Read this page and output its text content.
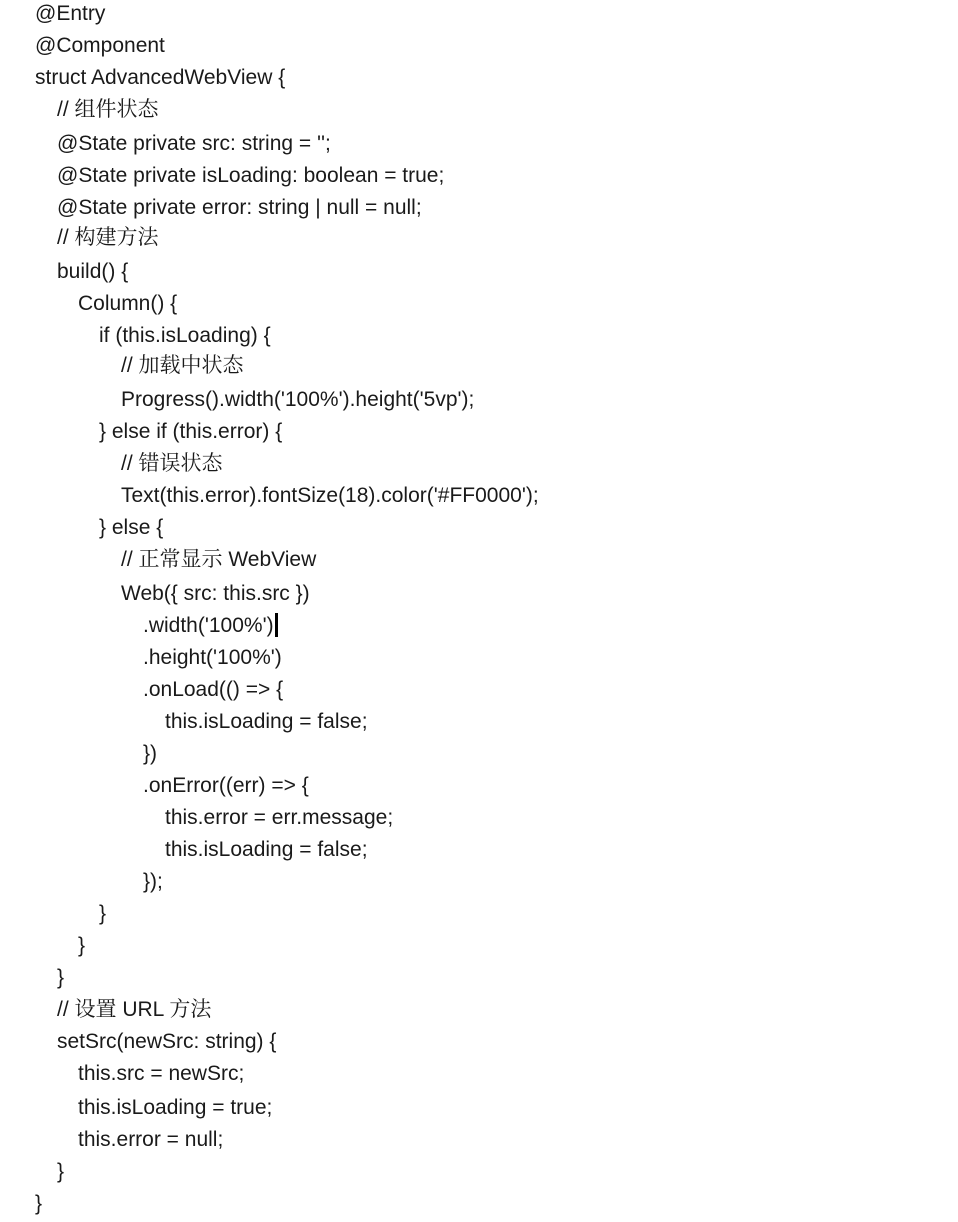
@Entry
@Component
struct AdvancedWebView {
// 组件状态
@State private src: string = '';
@State private isLoading: boolean = true;
@State private error: string | null = null;
// 构建方法
build() {
Column() {
if (this.isLoading) {
// 加载中状态
Progress().width('100%').height('5vp');
} else if (this.error) {
// 错误状态
Text(this.error).fontSize(18).color('#FF0000');
} else {
// 正常显示 WebView
Web({ src: this.src })
.width('100%')
.height('100%')
.onLoad(() => {
this.isLoading = false;
})
.onError((err) => {
this.error = err.message;
this.isLoading = false;
});
}
}
}
// 设置 URL 方法
setSrc(newSrc: string) {
this.src = newSrc;
this.isLoading = true;
this.error = null;
}
}
